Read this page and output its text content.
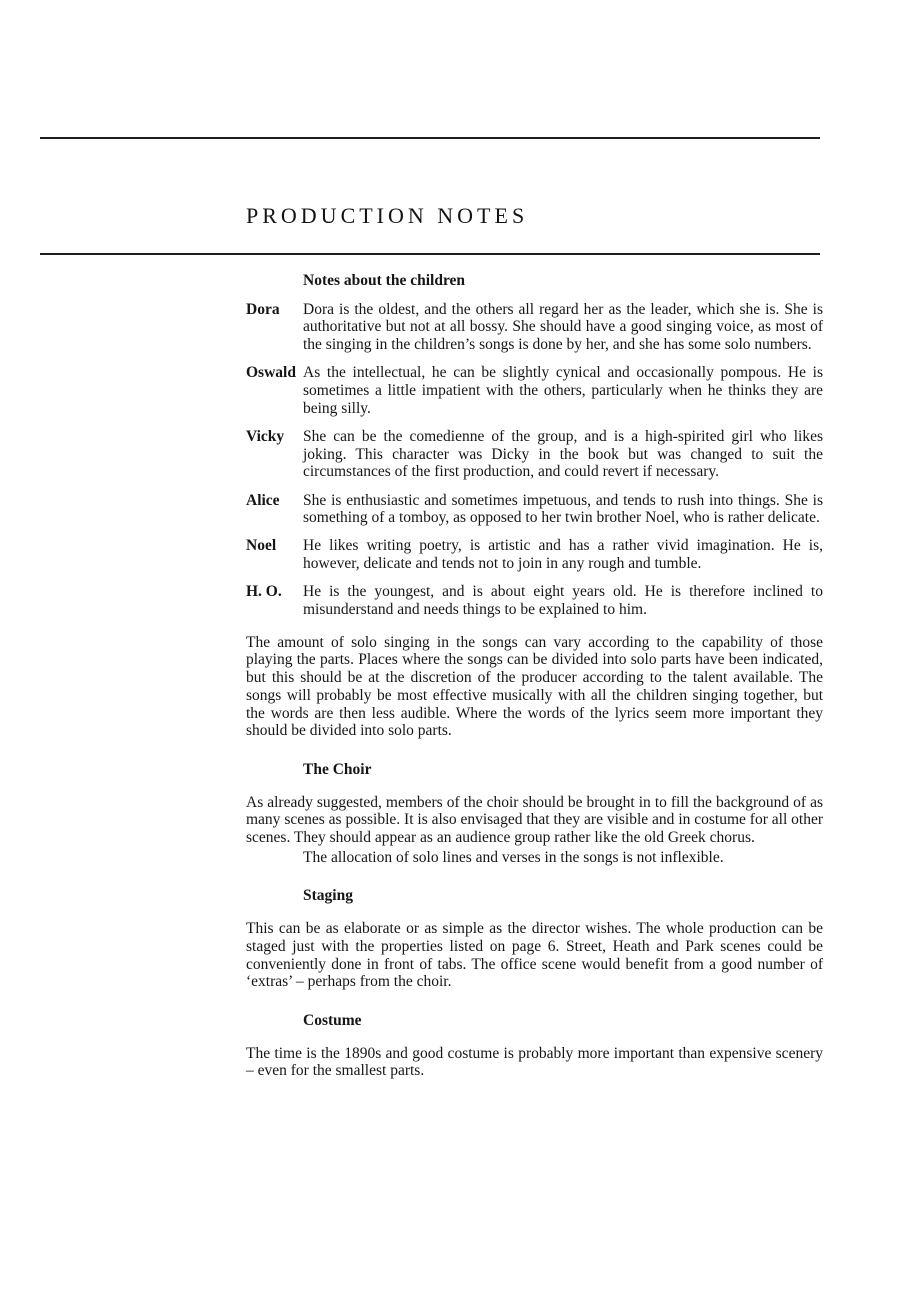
PRODUCTION NOTES
Notes about the children
Dora	Dora is the oldest, and the others all regard her as the leader, which she is. She is authoritative but not at all bossy. She should have a good singing voice, as most of the singing in the children’s songs is done by her, and she has some solo numbers.
Oswald As the intellectual, he can be slightly cynical and occasionally pompous. He is sometimes a little impatient with the others, particularly when he thinks they are being silly.
Vicky	She can be the comedienne of the group, and is a high-spirited girl who likes joking. This character was Dicky in the book but was changed to suit the circumstances of the first production, and could revert if necessary.
Alice	She is enthusiastic and sometimes impetuous, and tends to rush into things. She is something of a tomboy, as opposed to her twin brother Noel, who is rather delicate.
Noel	He likes writing poetry, is artistic and has a rather vivid imagination. He is, however, delicate and tends not to join in any rough and tumble.
H. O.	He is the youngest, and is about eight years old. He is therefore inclined to misunderstand and needs things to be explained to him.

The amount of solo singing in the songs can vary according to the capability of those playing the parts. Places where the songs can be divided into solo parts have been indicated, but this should be at the discretion of the producer according to the talent available. The songs will probably be most effective musically with all the children singing together, but the words are then less audible. Where the words of the lyrics seem more important they should be divided into solo parts.

The Choir

As already suggested, members of the choir should be brought in to fill the background of as many scenes as possible. It is also envisaged that they are visible and in costume for all other scenes. They should appear as an audience group rather like the old Greek chorus.

The allocation of solo lines and verses in the songs is not inflexible.

Staging

This can be as elaborate or as simple as the director wishes. The whole production can be staged just with the properties listed on page 6. Street, Heath and Park scenes could be conveniently done in front of tabs. The office scene would benefit from a good number of ‘extras’ – perhaps from the choir.

Costume

The time is the 1890s and good costume is probably more important than expensive scenery – even for the smallest parts.
